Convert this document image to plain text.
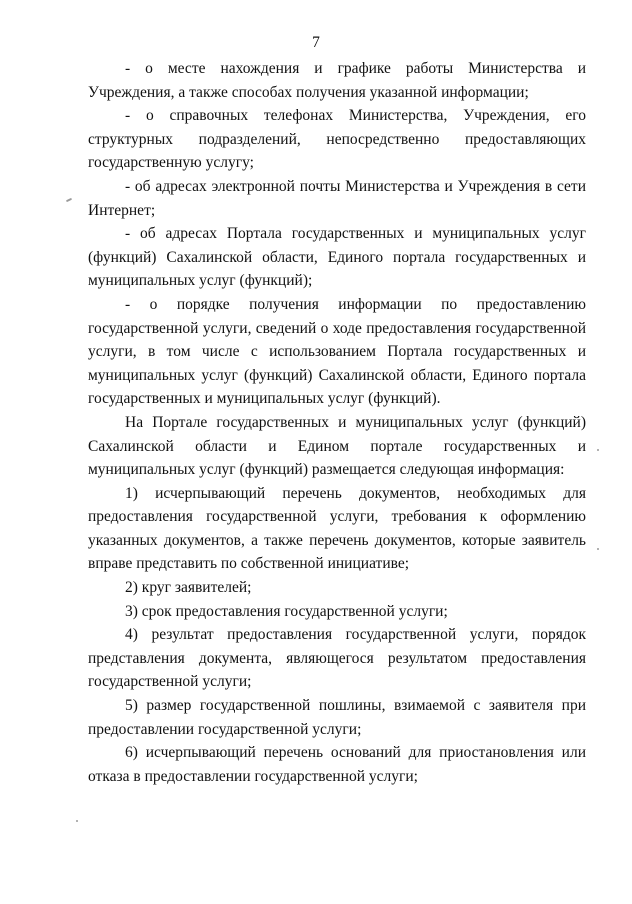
7

- о месте нахождения и графике работы Министерства и Учреждения, а также способах получения указанной информации;

- о справочных телефонах Министерства, Учреждения, его структурных подразделений, непосредственно предоставляющих государственную услугу;

- об адресах электронной почты Министерства и Учреждения в сети Интернет;

- об адресах Портала государственных и муниципальных услуг (функций) Сахалинской области, Единого портала государственных и муниципальных услуг (функций);

- о порядке получения информации по предоставлению государственной услуги, сведений о ходе предоставления государственной услуги, в том числе с использованием Портала государственных и муниципальных услуг (функций) Сахалинской области, Единого портала государственных и муниципальных услуг (функций).

На Портале государственных и муниципальных услуг (функций) Сахалинской области и Едином портале государственных и муниципальных услуг (функций) размещается следующая информация:

1) исчерпывающий перечень документов, необходимых для предоставления государственной услуги, требования к оформлению указанных документов, а также перечень документов, которые заявитель вправе представить по собственной инициативе;

2) круг заявителей;

3) срок предоставления государственной услуги;

4) результат предоставления государственной услуги, порядок представления документа, являющегося результатом предоставления государственной услуги;

5) размер государственной пошлины, взимаемой с заявителя при предоставлении государственной услуги;

6) исчерпывающий перечень оснований для приостановления или отказа в предоставлении государственной услуги;
